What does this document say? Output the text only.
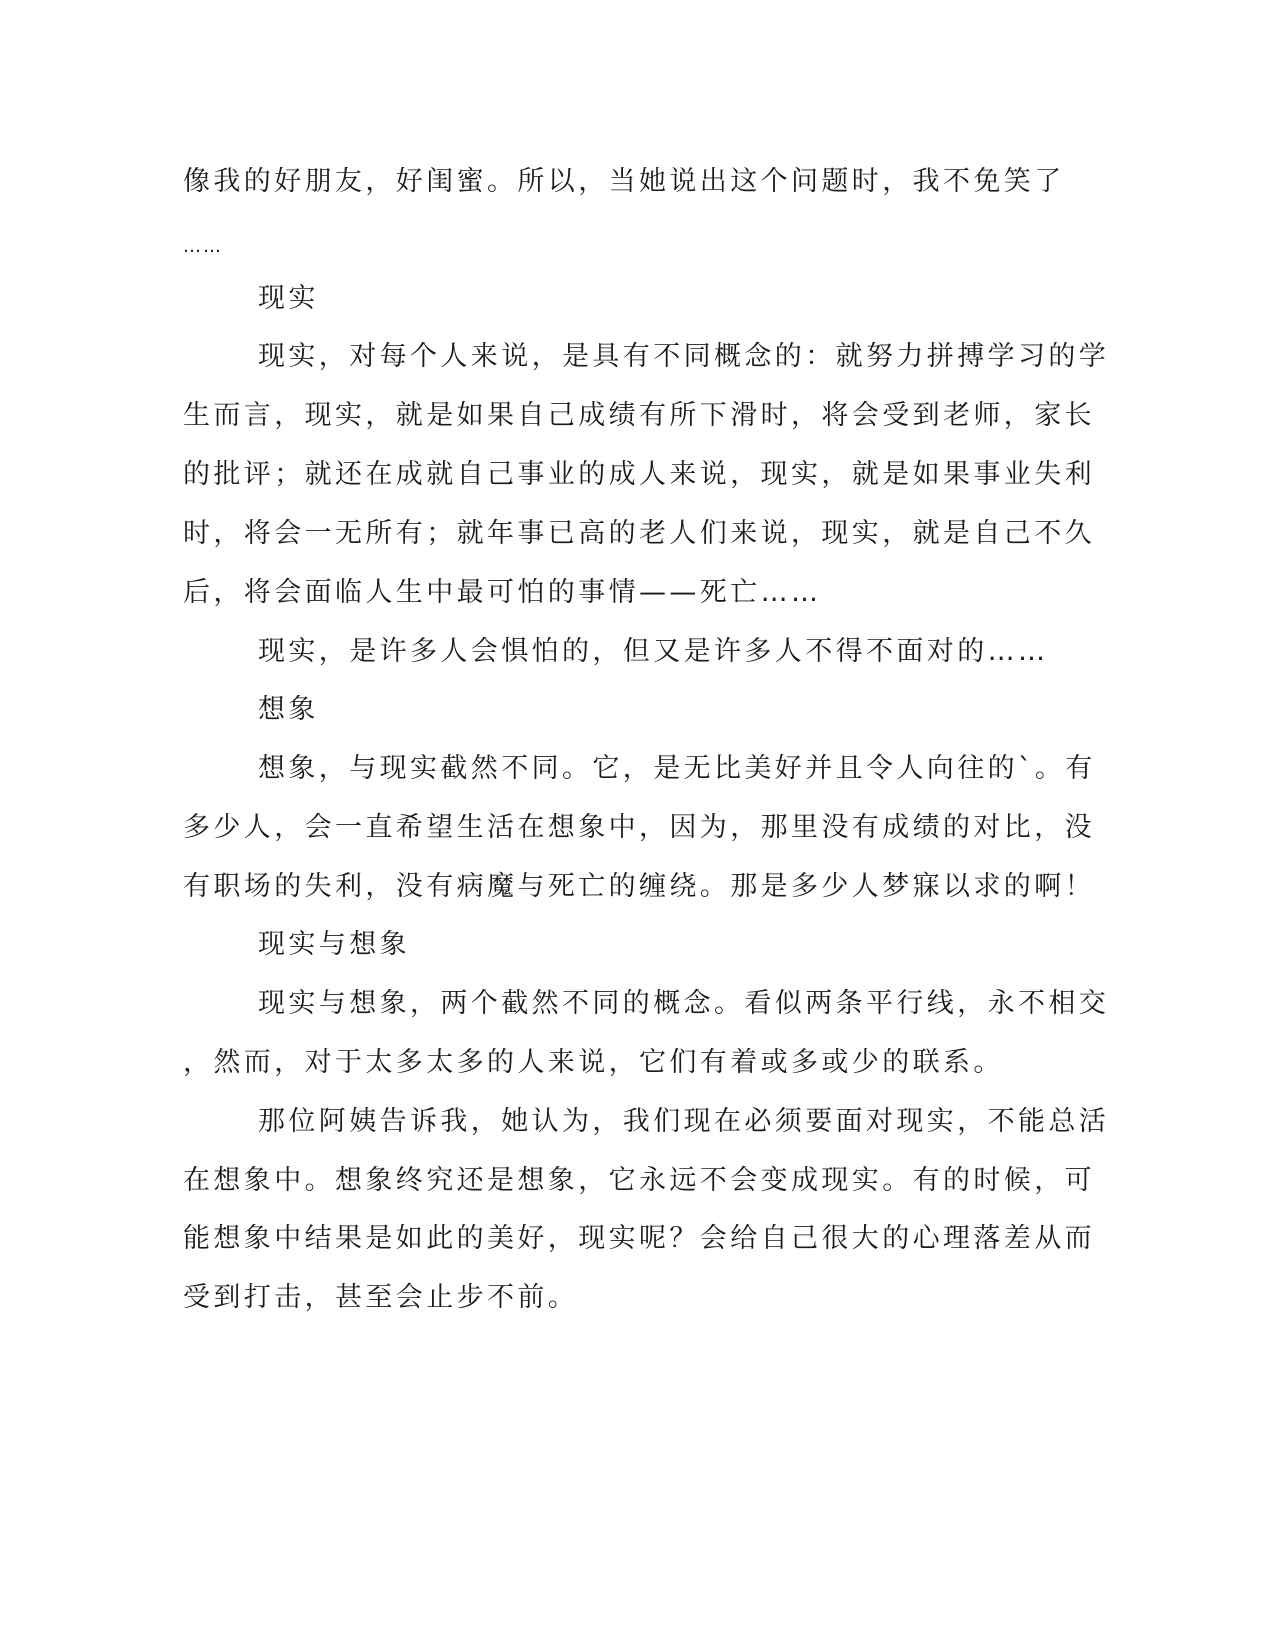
像我的好朋友，好闺蜜。所以，当她说出这个问题时，我不免笑了
……
现实
现实，对每个人来说，是具有不同概念的：就努力拼搏学习的学
生而言，现实，就是如果自己成绩有所下滑时，将会受到老师，家长
的批评；就还在成就自己事业的成人来说，现实，就是如果事业失利
时，将会一无所有；就年事已高的老人们来说，现实，就是自己不久
后，将会面临人生中最可怕的事情——死亡……
现实，是许多人会惧怕的，但又是许多人不得不面对的……
想象
想象，与现实截然不同。它，是无比美好并且令人向往的`。有
多少人，会一直希望生活在想象中，因为，那里没有成绩的对比，没
有职场的失利，没有病魔与死亡的缠绕。那是多少人梦寐以求的啊！
现实与想象
现实与想象，两个截然不同的概念。看似两条平行线，永不相交
，然而，对于太多太多的人来说，它们有着或多或少的联系。
那位阿姨告诉我，她认为，我们现在必须要面对现实，不能总活
在想象中。想象终究还是想象，它永远不会变成现实。有的时候，可
能想象中结果是如此的美好，现实呢？会给自己很大的心理落差从而
受到打击，甚至会止步不前。
